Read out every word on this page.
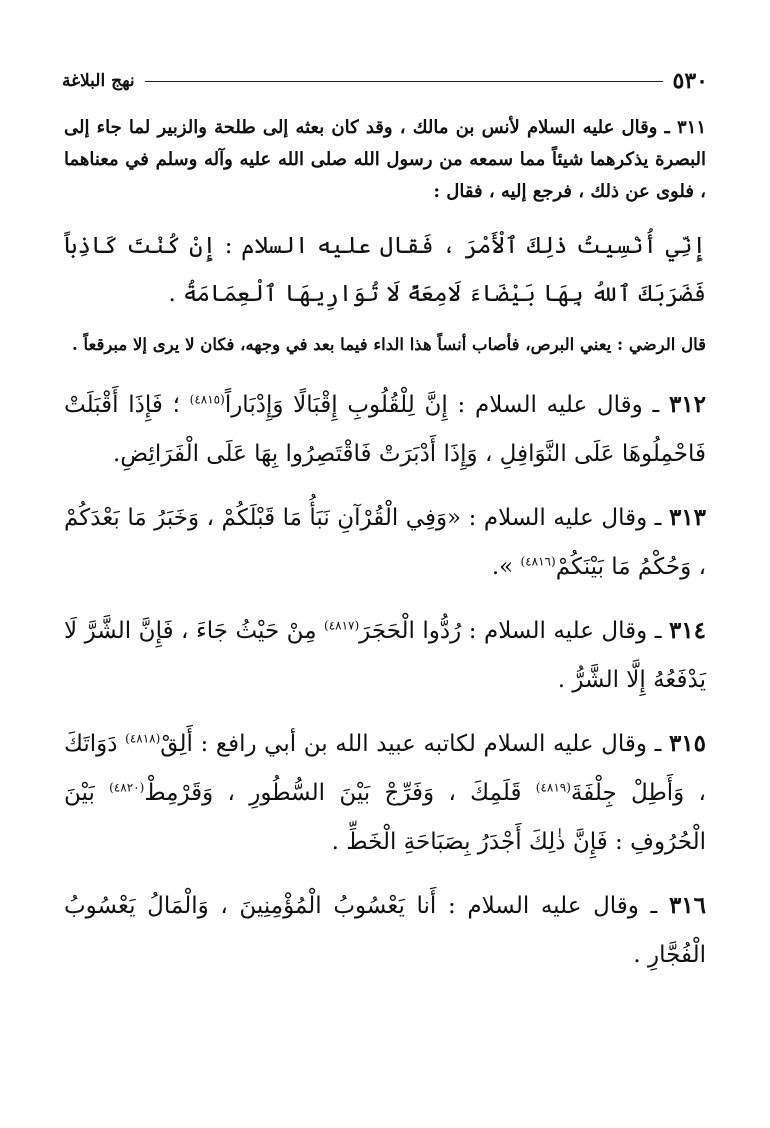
٥٣٠
نهج البلاغة

٣١١ ـ وقال عليه السلام لأنس بن مالك ، وقد كان بعثه إلى طلحة والزبير لما جاء إلى البصرة يذكرهما شيئاً مما سمعه من رسول الله صلى الله عليه وآله وسلم في معناهما ، فلوى عن ذلك ، فرجع إليه ، فقال :

إِنِّي أُنْسِيتُ ذٰلِكَ ٱلْأَمْرَ ، فَقال عليه السلام : إِنْ كُنْتَ كَاذِباً فَضَرَبَكَ ٱللهُ بِهَا بَيْضَاءَ لَامِعَةً لَا تُوَارِيهَا ٱلْعِمَامَةُ .

قال الرضي : يعني البرص، فأصاب أنساً هذا الداء فيما بعد في وجهه، فكان لا يرى إلا مبرقعاً .

٣١٢ ـ وقال عليه السلام : إِنَّ لِلْقُلُوبِ إِقْبَالًا وَإِدْبَاراً$^{(٤٨١٥)}$ ؛ فَإِذَا أَقْبَلَتْ فَاحْمِلُوهَا عَلَى النَّوَافِلِ ، وَإِذَا أَدْبَرَتْ فَاقْتَصِرُوا بِهَا عَلَى الْفَرَائِضِ.

٣١٣ ـ وقال عليه السلام : «وَفِي الْقُرْآنِ نَبَأُ مَا قَبْلَكُمْ ، وَخَبَرُ مَا بَعْدَكُمْ ، وَحُكْمُ مَا بَيْنَكُمْ$^{(٤٨١٦)}$ ».

٣١٤ ـ وقال عليه السلام : رُدُّوا الْحَجَرَ$^{(٤٨١٧)}$ مِنْ حَيْثُ جَاءَ ، فَإِنَّ الشَّرَّ لَا يَدْفَعُهُ إِلَّا الشَّرُّ .

٣١٥ ـ وقال عليه السلام لكاتبه عبيد الله بن أبي رافع : أَلِقْ$^{(٤٨١٨)}$ دَوَاتَكَ ، وَأَطِلْ جِلْفَةَ$^{(٤٨١٩)}$ قَلَمِكَ ، وَفَرِّجْ بَيْنَ السُّطُورِ ، وَقَرْمِطْ$^{(٤٨٢٠)}$ بَيْنَ الْحُرُوفِ : فَإِنَّ ذٰلِكَ أَجْدَرُ بِصَبَاحَةِ الْخَطِّ .

٣١٦ ـ وقال عليه السلام : أَنا يَعْسُوبُ الْمُؤْمِنِينَ ، وَالْمَالُ يَعْسُوبُ الْفُجَّارِ .
